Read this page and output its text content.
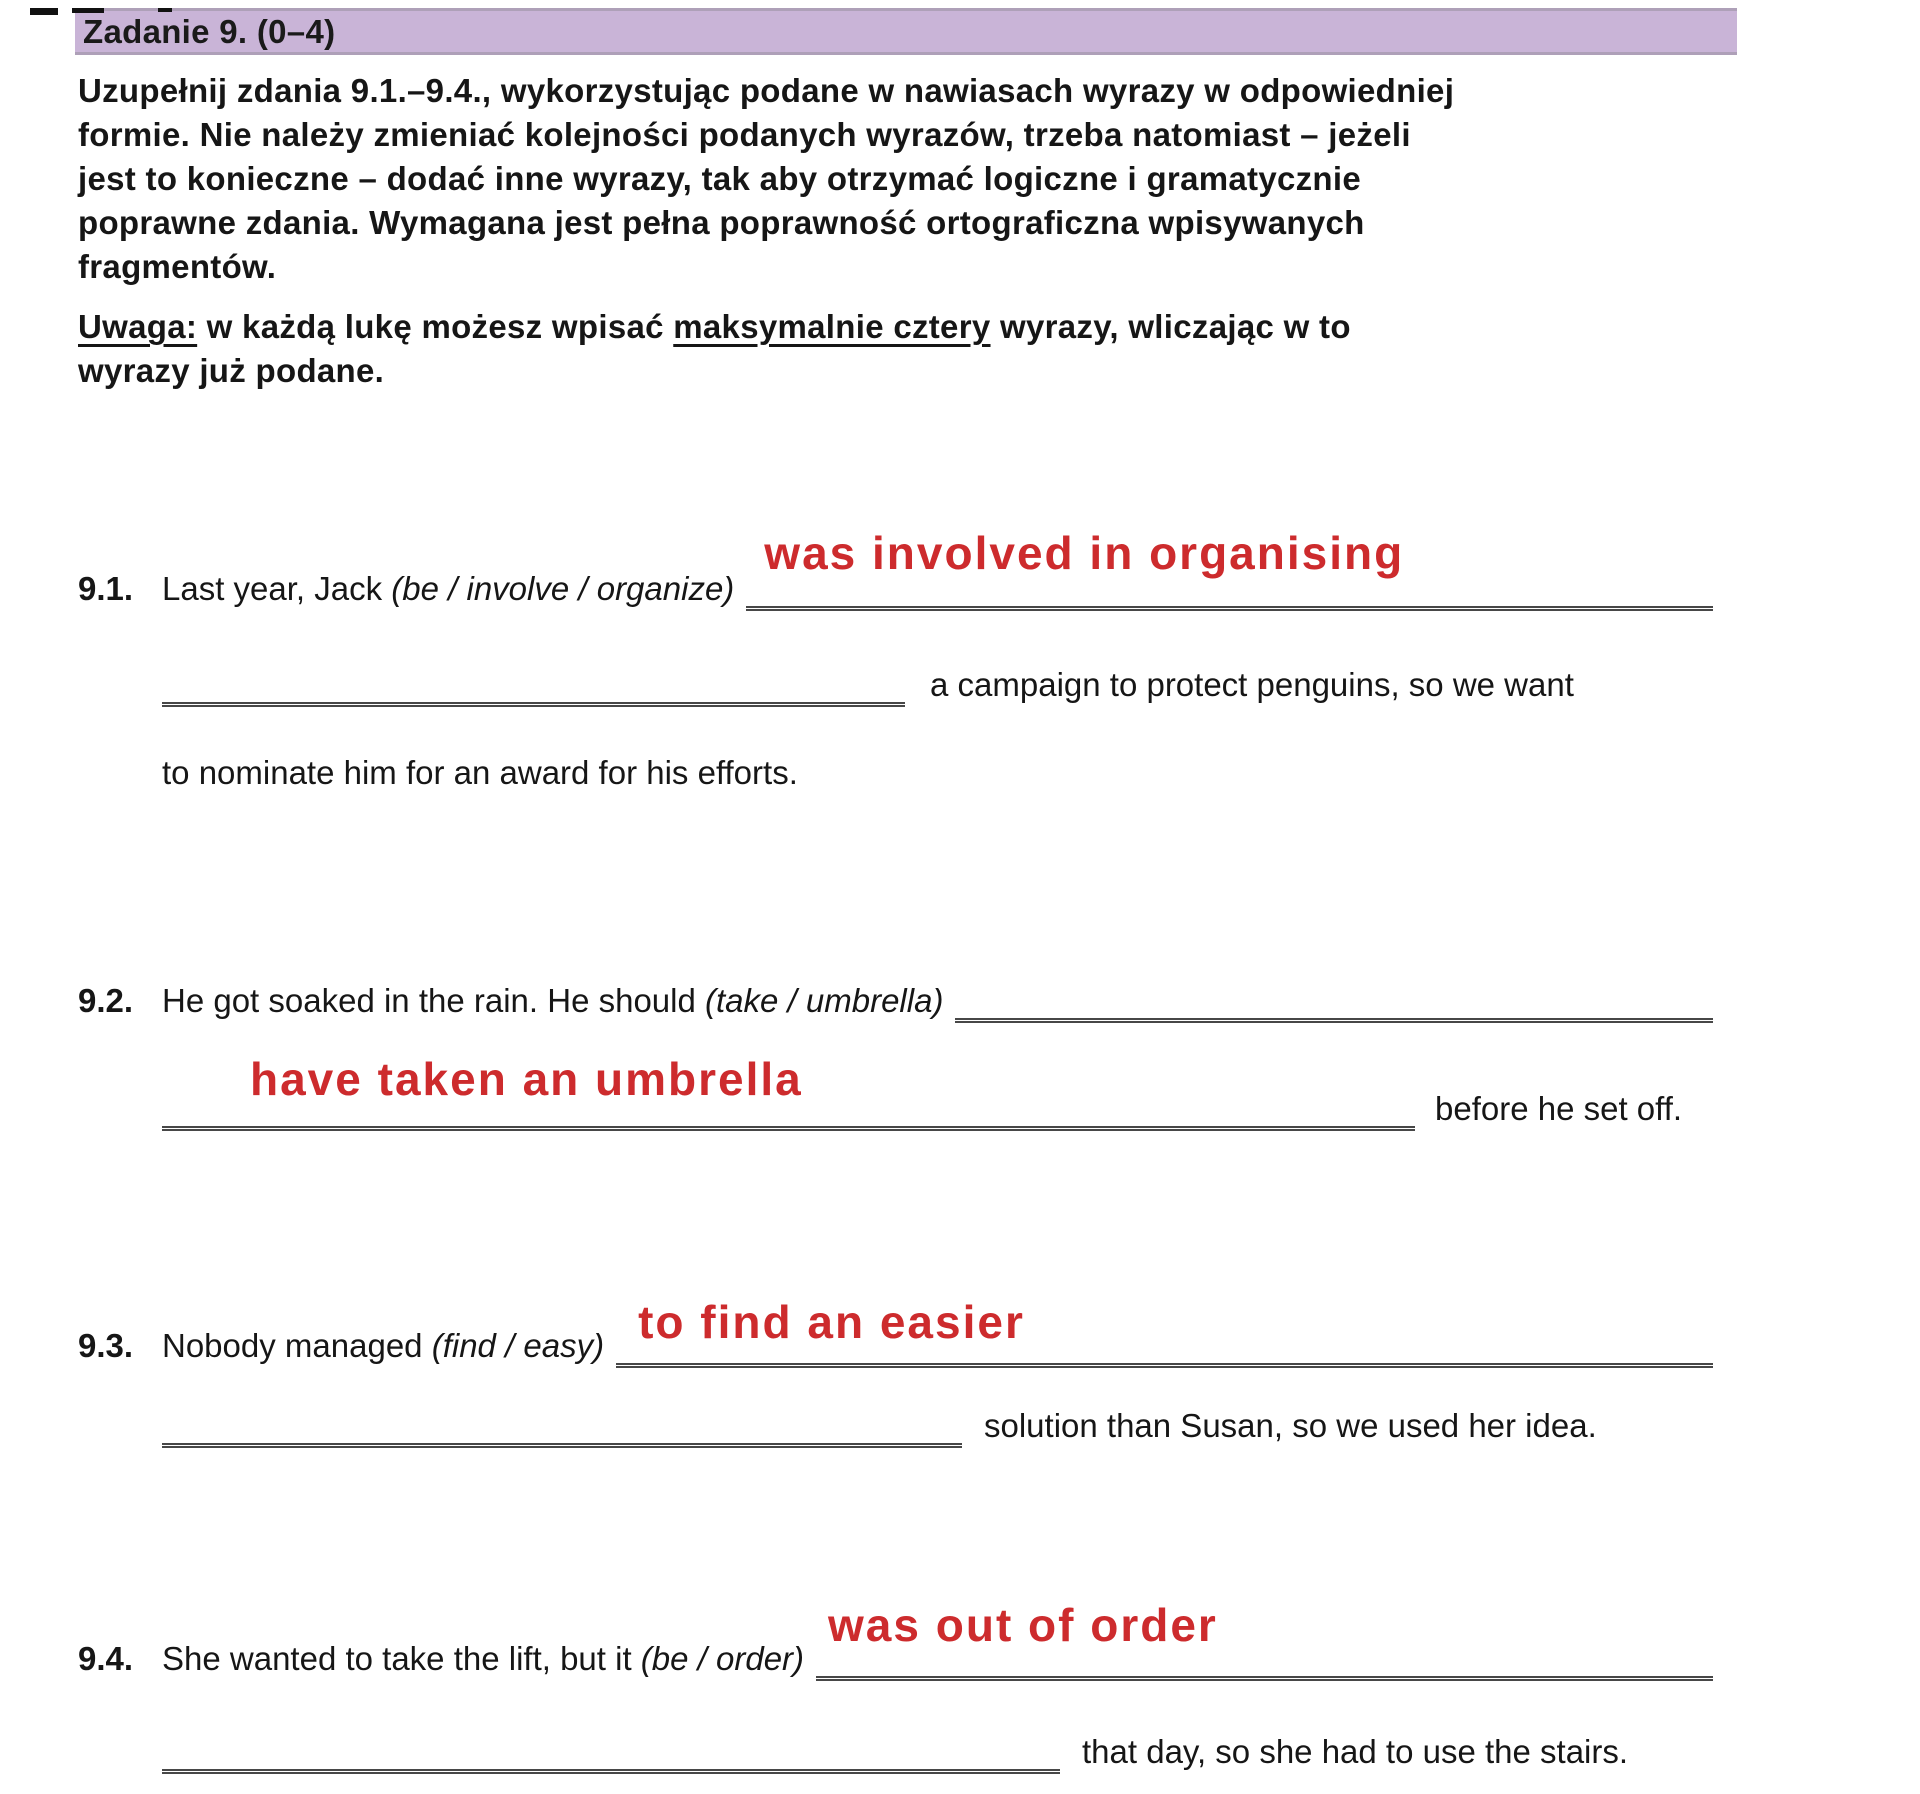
Zadanie 9. (0–4)
Uzupełnij zdania 9.1.–9.4., wykorzystując podane w nawiasach wyrazy w odpowiedniej
formie. Nie należy zmieniać kolejności podanych wyrazów, trzeba natomiast – jeżeli
jest to konieczne – dodać inne wyrazy, tak aby otrzymać logiczne i gramatycznie
poprawne zdania. Wymagana jest pełna poprawność ortograficzna wpisywanych
fragmentów.
Uwaga: w każdą lukę możesz wpisać maksymalnie cztery wyrazy, wliczając w to
wyrazy już podane.
9.1. Last year, Jack (be / involve / organize)
was involved in organising
a campaign to protect penguins, so we want
to nominate him for an award for his efforts.
9.2. He got soaked in the rain. He should (take / umbrella)
have taken an umbrella
before he set off.
9.3. Nobody managed (find / easy) to find an easier
solution than Susan, so we used her idea.
9.4. She wanted to take the lift, but it (be / order)
was out of order
that day, so she had to use the stairs.
